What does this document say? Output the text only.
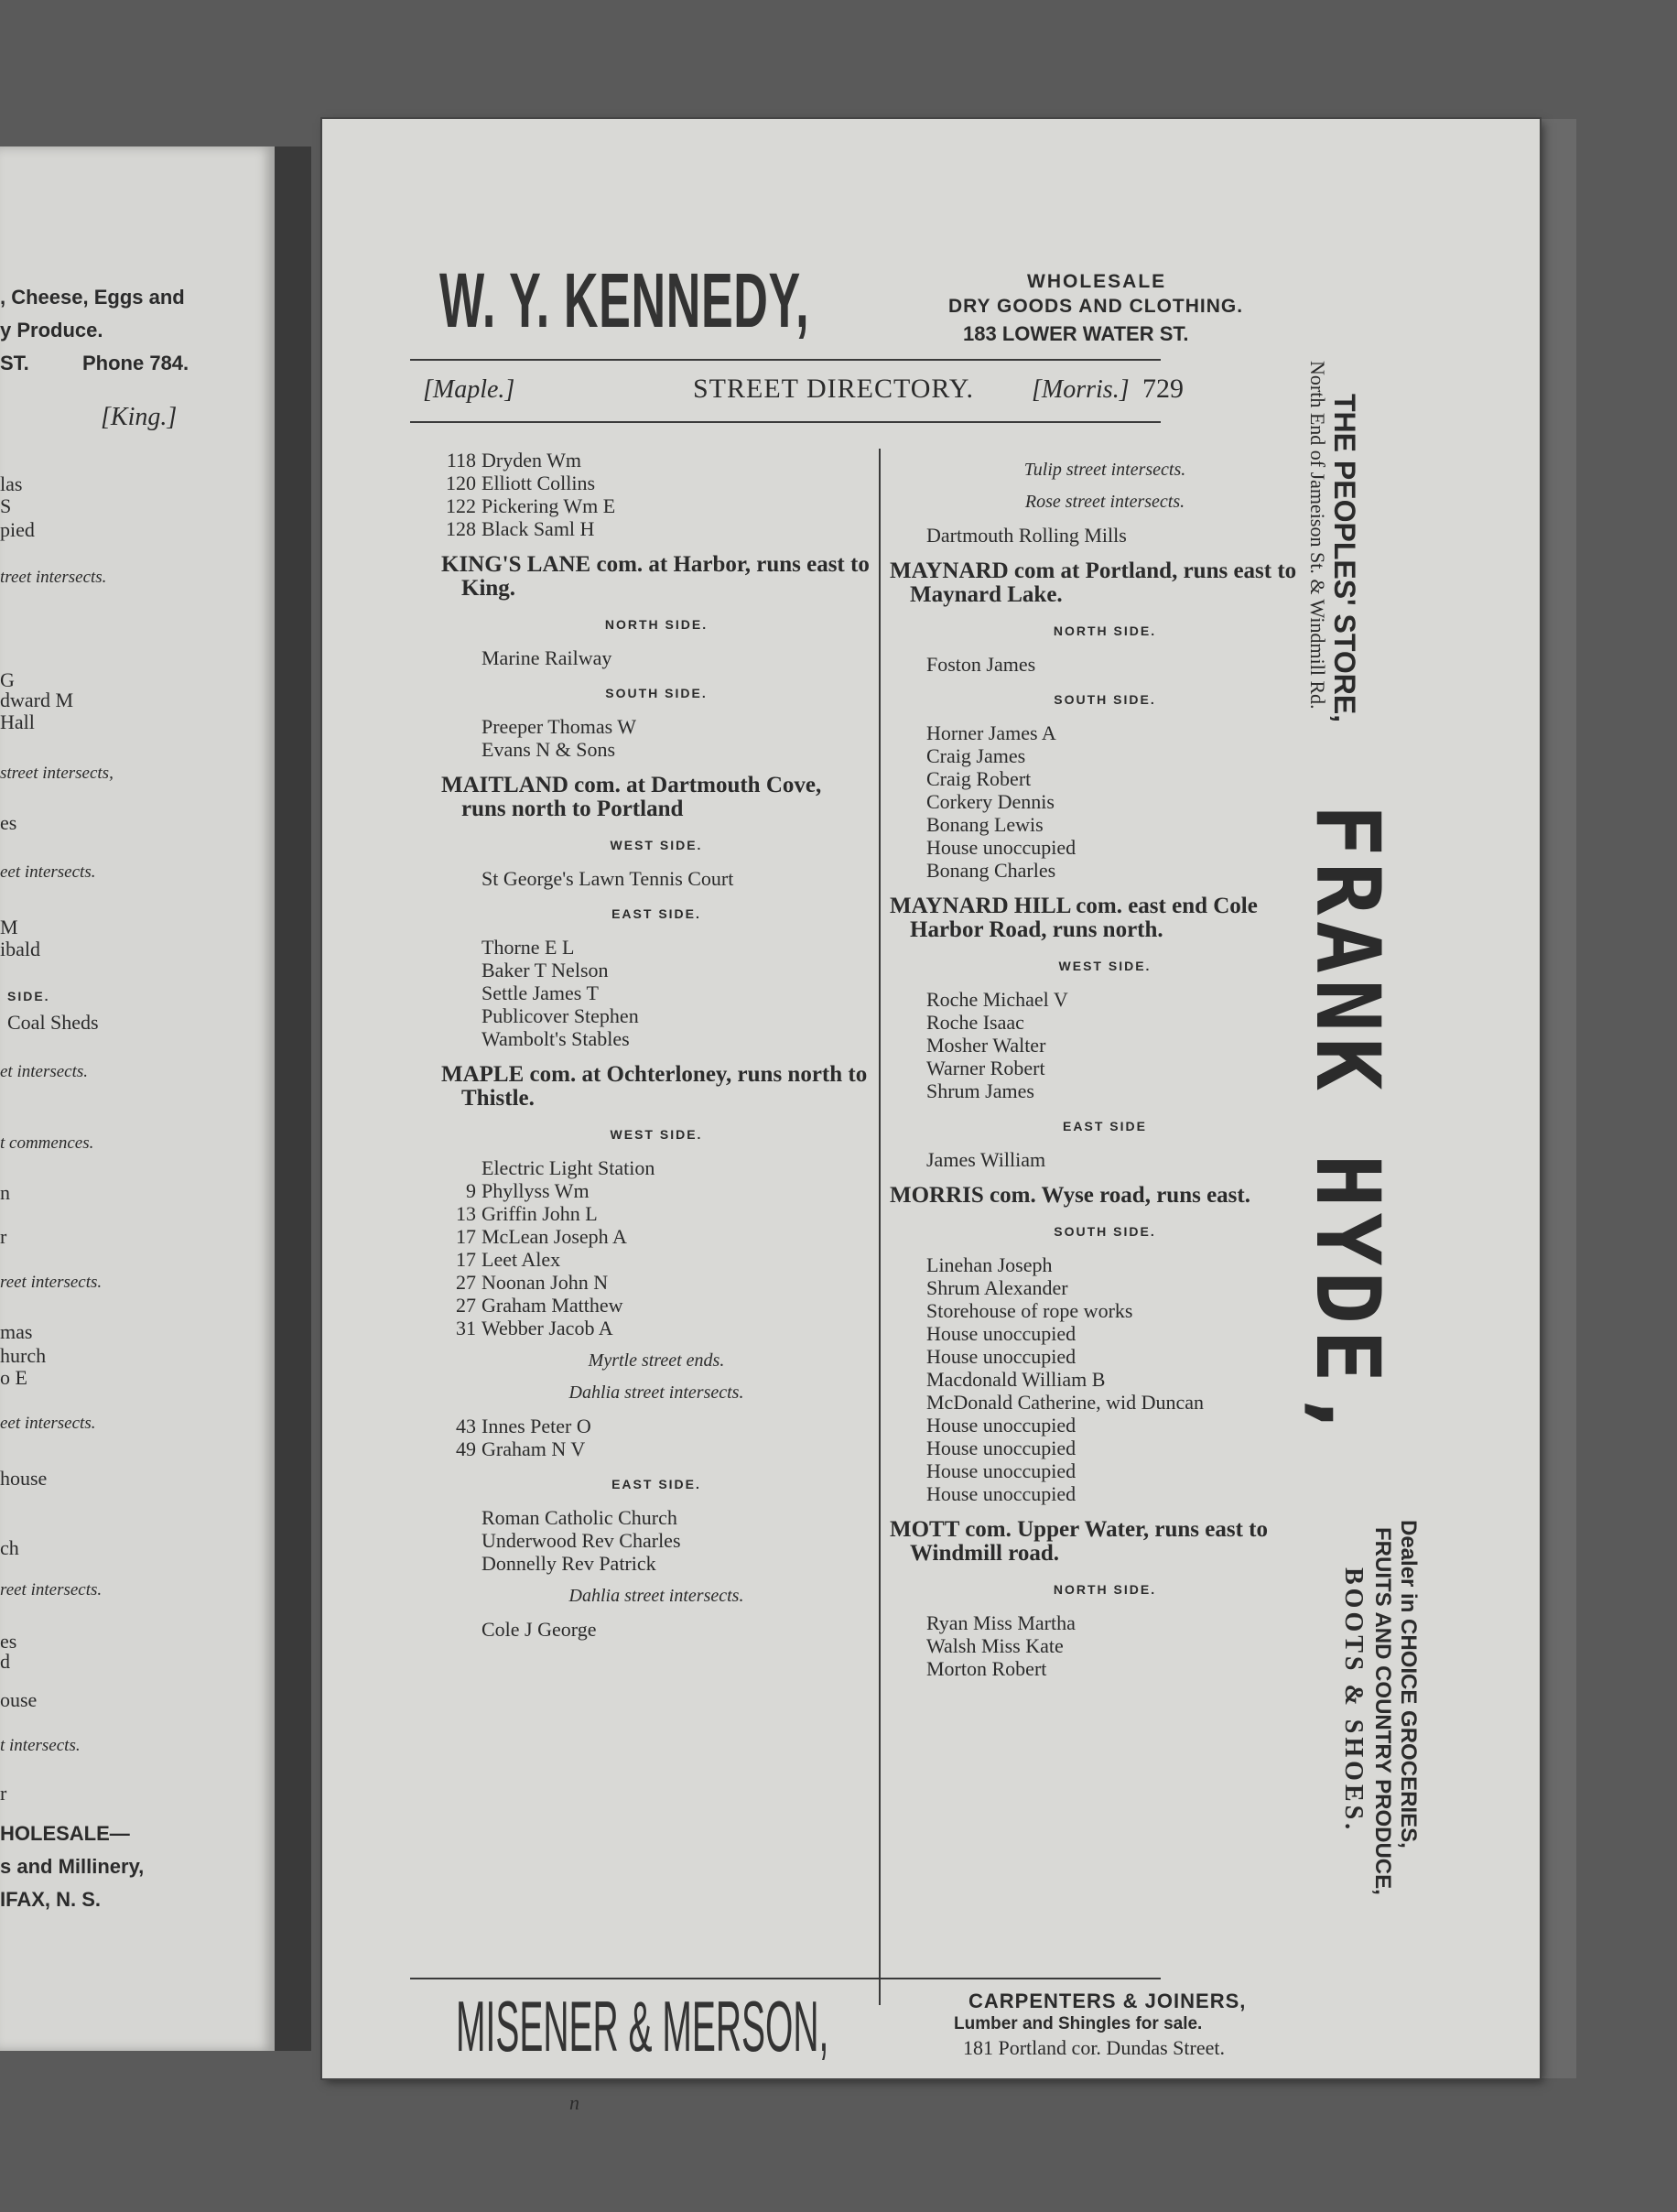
, Cheese, Eggs and
y Produce.
ST.	Phone 784.
[King.]
las
S
pied
treet intersects.
G
dward M
Hall
street intersects,
es
eet intersects.
M
ibald
SIDE.
Coal Sheds
et intersects.
t commences.
n
r
reet intersects.
mas
hurch
o E
eet intersects.
house
ch
reet intersects.
es
d
ouse
t intersects.
r
HOLESALE—
s and Millinery,
IFAX, N. S.
W. Y. KENNEDY,	WHOLESALE
DRY GOODS AND CLOTHING.
183 LOWER WATER ST.
[Maple.]	STREET DIRECTORY. [Morris.] 729
118 Dryden Wm
120 Elliott Collins
122 Pickering Wm E
128 Black Saml H
KING'S LANE com. at Harbor, runs east to King.
NORTH SIDE.
Marine Railway
SOUTH SIDE.
Preeper Thomas W
Evans N & Sons
MAITLAND com. at Dartmouth Cove, runs north to Portland
WEST SIDE.
St George's Lawn Tennis Court
EAST SIDE.
Thorne E L
Baker T Nelson
Settle James T
Publicover Stephen
Wambolt's Stables
MAPLE com. at Ochterloney, runs north to Thistle.
WEST SIDE.
Electric Light Station
9 Phyllyss Wm
13 Griffin John L
17 McLean Joseph A
17 Leet Alex
27 Noonan John N
27 Graham Matthew
31 Webber Jacob A
Myrtle street ends.
Dahlia street intersects.
43 Innes Peter O
49 Graham N V
EAST SIDE.
Roman Catholic Church
Underwood Rev Charles
Donnelly Rev Patrick
Dahlia street intersects.
Cole J George
Tulip street intersects.
Rose street intersects.
Dartmouth Rolling Mills
MAYNARD com at Portland, runs east to Maynard Lake.
NORTH SIDE.
Foston James
SOUTH SIDE.
Horner James A
Craig James
Craig Robert
Corkery Dennis
Bonang Lewis
House unoccupied
Bonang Charles
MAYNARD HILL com. east end Cole Harbor Road, runs north.
WEST SIDE.
Roche Michael V
Roche Isaac
Mosher Walter
Warner Robert
Shrum James
EAST SIDE
James William
MORRIS com. Wyse road, runs east.
SOUTH SIDE.
Linehan Joseph
Shrum Alexander
Storehouse of rope works
House unoccupied
House unoccupied
Macdonald William B
McDonald Catherine, wid Duncan
House unoccupied
House unoccupied
House unoccupied
House unoccupied
MOTT com. Upper Water, runs east to Windmill road.
NORTH SIDE.
Ryan Miss Martha
Walsh Miss Kate
Morton Robert
MISENER & MERSON,	CARPENTERS & JOINERS,
Lumber and Shingles for sale.
181 Portland cor. Dundas Street.
n
THE PEOPLES' STORE,
North End of Jameison St. & Windmill Rd.
FRANK HYDE,
Dealer in CHOICE GROCERIES,
FRUITS AND COUNTRY PRODUCE,
BOOTS & SHOES.
